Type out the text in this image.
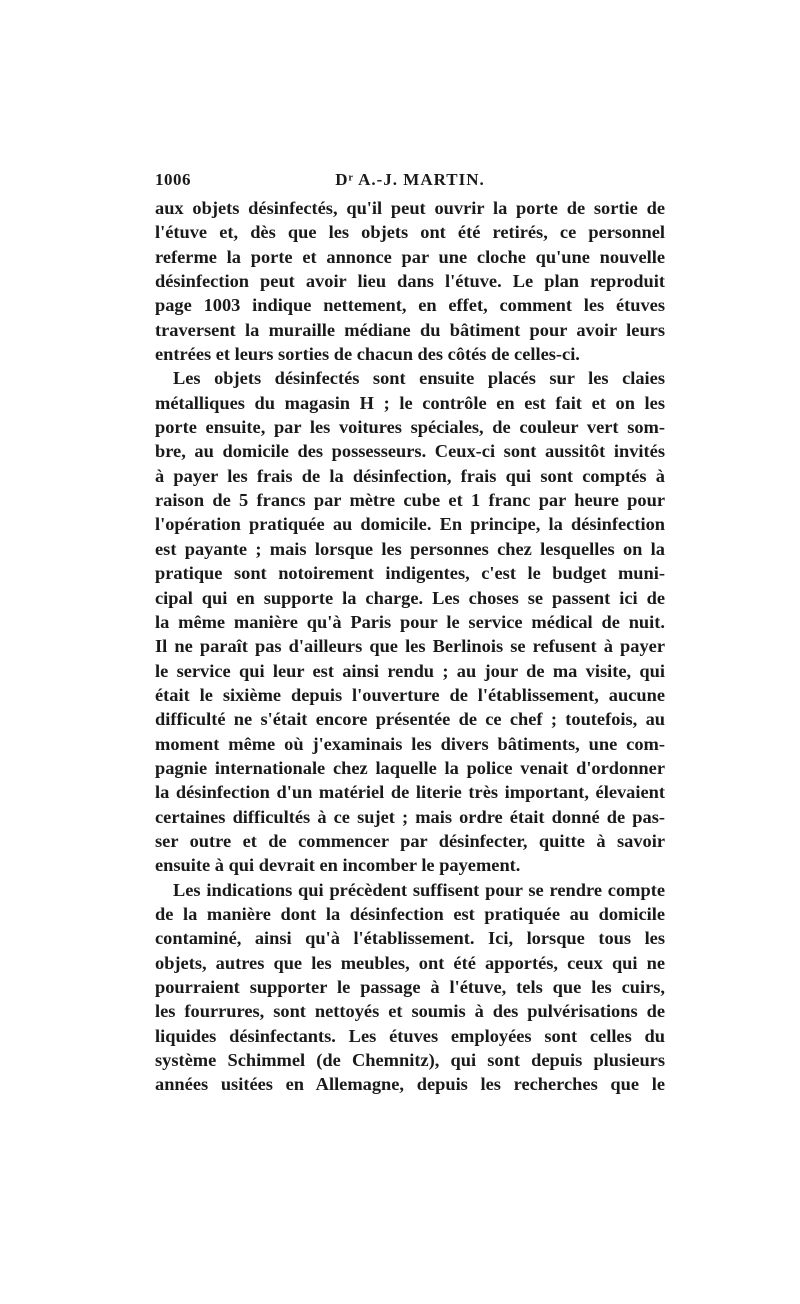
1006	Dʳ A.-J. MARTIN.

aux objets désinfectés, qu'il peut ouvrir la porte de sortie de
l'étuve et, dès que les objets ont été retirés, ce personnel
referme la porte et annonce par une cloche qu'une nouvelle
désinfection peut avoir lieu dans l'étuve. Le plan reproduit
page 1003 indique nettement, en effet, comment les étuves
traversent la muraille médiane du bâtiment pour avoir leurs
entrées et leurs sorties de chacun des côtés de celles-ci.

Les objets désinfectés sont ensuite placés sur les claies
métalliques du magasin H ; le contrôle en est fait et on les
porte ensuite, par les voitures spéciales, de couleur vert som-
bre, au domicile des possesseurs. Ceux-ci sont aussitôt invités
à payer les frais de la désinfection, frais qui sont comptés à
raison de 5 francs par mètre cube et 1 franc par heure pour
l'opération pratiquée au domicile. En principe, la désinfection
est payante ; mais lorsque les personnes chez lesquelles on la
pratique sont notoirement indigentes, c'est le budget muni-
cipal qui en supporte la charge. Les choses se passent ici de
la même manière qu'à Paris pour le service médical de nuit.
Il ne paraît pas d'ailleurs que les Berlinois se refusent à payer
le service qui leur est ainsi rendu ; au jour de ma visite, qui
était le sixième depuis l'ouverture de l'établissement, aucune
difficulté ne s'était encore présentée de ce chef ; toutefois, au
moment même où j'examinais les divers bâtiments, une com-
pagnie internationale chez laquelle la police venait d'ordonner
la désinfection d'un matériel de literie très important, élevaient
certaines difficultés à ce sujet ; mais ordre était donné de pas-
ser outre et de commencer par désinfecter, quitte à savoir
ensuite à qui devrait en incomber le payement.

Les indications qui précèdent suffisent pour se rendre compte
de la manière dont la désinfection est pratiquée au domicile
contaminé, ainsi qu'à l'établissement. Ici, lorsque tous les
objets, autres que les meubles, ont été apportés, ceux qui ne
pourraient supporter le passage à l'étuve, tels que les cuirs,
les fourrures, sont nettoyés et soumis à des pulvérisations de
liquides désinfectants. Les étuves employées sont celles du
système Schimmel (de Chemnitz), qui sont depuis plusieurs
années usitées en Allemagne, depuis les recherches que le
